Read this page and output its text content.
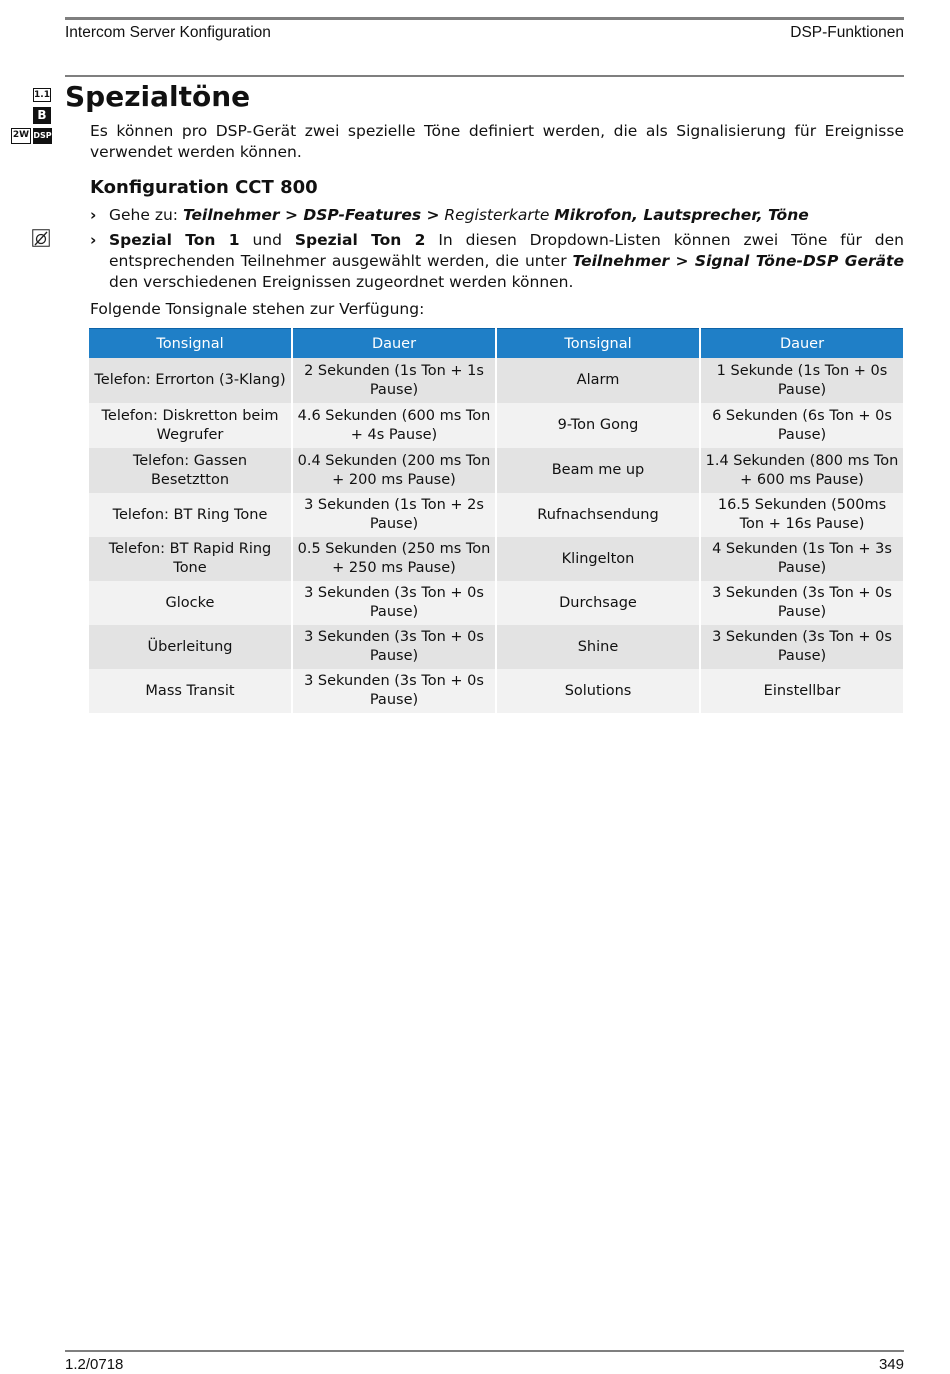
Intercom Server Konfiguration	DSP-Funktionen
1.1
B
2W DSP
Spezialtöne

Es können pro DSP-Gerät zwei spezielle Töne definiert werden, die als Signalisierung für Ereignisse verwendet werden können.

Konfiguration CCT 800
› Gehe zu: Teilnehmer > DSP-Features > Registerkarte Mikrofon, Lautsprecher, Töne
› Spezial Ton 1 und Spezial Ton 2 In diesen Dropdown-Listen können zwei Töne für den entsprechenden Teilnehmer ausgewählt werden, die unter Teilnehmer > Signal Töne-DSP Geräte den verschiedenen Ereignissen zugeordnet werden können.

Folgende Tonsignale stehen zur Verfügung:

Tonsignal	Dauer	Tonsignal	Dauer
Telefon: Errorton (3-Klang)	2 Sekunden (1s Ton + 1s Pause)	Alarm	1 Sekunde (1s Ton + 0s Pause)
Telefon: Diskretton beim Wegrufer	4.6 Sekunden (600 ms Ton + 4s Pause)	9-Ton Gong	6 Sekunden (6s Ton + 0s Pause)
Telefon: Gassen Besetztton	0.4 Sekunden (200 ms Ton + 200 ms Pause)	Beam me up	1.4 Sekunden (800 ms Ton + 600 ms Pause)
Telefon: BT Ring Tone	3 Sekunden (1s Ton + 2s Pause)	Rufnachsendung	16.5 Sekunden (500ms Ton + 16s Pause)
Telefon: BT Rapid Ring Tone	0.5 Sekunden (250 ms Ton + 250 ms Pause)	Klingelton	4 Sekunden (1s Ton + 3s Pause)
Glocke	3 Sekunden (3s Ton + 0s Pause)	Durchsage	3 Sekunden (3s Ton + 0s Pause)
Überleitung	3 Sekunden (3s Ton + 0s Pause)	Shine	3 Sekunden (3s Ton + 0s Pause)
Mass Transit	3 Sekunden (3s Ton + 0s Pause)	Solutions	Einstellbar
1.2/0718	349
